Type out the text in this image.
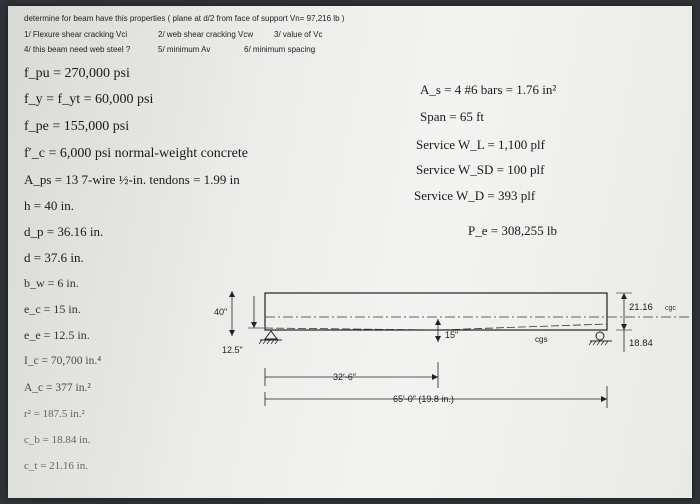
determine for beam have this properties ( plane at d/2 from face of support Vn= 97,216 lb )
1/ Flexure shear cracking Vci	2/ web shear cracking Vcw	3/ value of Vc
4/ this beam need web steel ?	5/ minimum Av	6/ minimum spacing
f_pu = 270,000 psi
f_y = f_yt = 60,000 psi
f_pe = 155,000 psi
f′_c = 6,000 psi normal-weight concrete
A_ps = 13 7-wire ½-in. tendons = 1.99 in
h = 40 in.
d_p = 36.16 in.
d = 37.6 in.
b_w = 6 in.
e_c = 15 in.
e_e = 12.5 in.
I_c = 70,700 in.⁴
A_c = 377 in.²
r² = 187.5 in.²
c_b = 18.84 in.
c_t = 21.16 in.
A_s = 4 #6 bars = 1.76 in²
Span = 65 ft
Service W_L = 1,100 plf
Service W_SD = 100 plf
Service W_D = 393 plf
P_e = 308,255 lb
40"
12.5"
15"	cgs
21.16
18.84
cgc
32′-6″
65′-0″ (19.8 in.)
